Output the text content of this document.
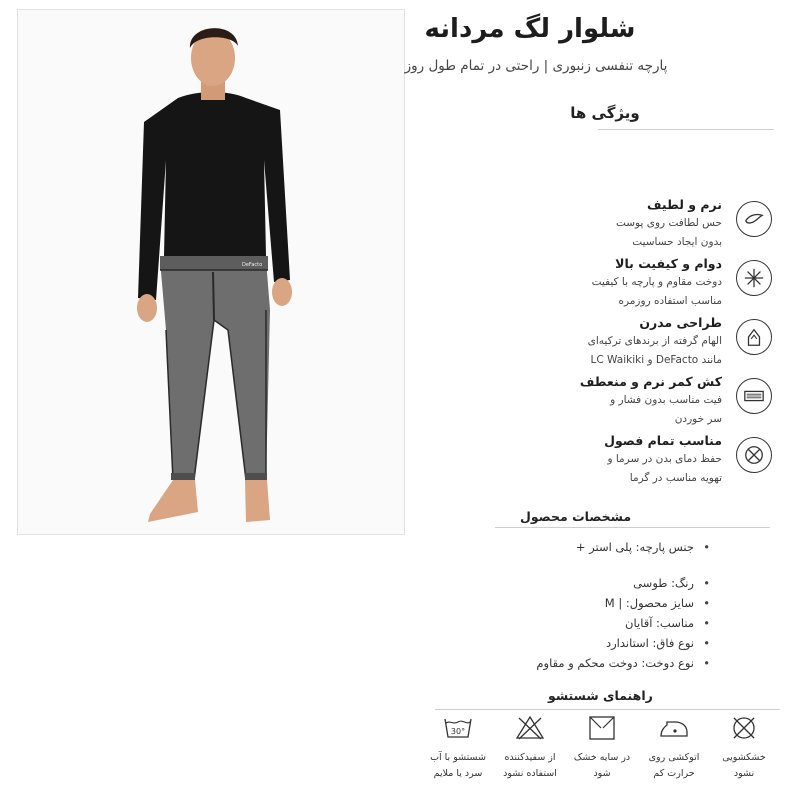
DeFacto
شلوار لگ مردانه
پارچه تنفسی زنبوری | راحتی در تمام طول روز
ویژگی ها
نرم و لطیف
حس لطافت روی پوست
بدون ایجاد حساسیت
دوام و کیفیت بالا
دوخت مقاوم و پارچه با کیفیت
مناسب استفاده روزمره
طراحی مدرن
الهام گرفته از برندهای ترکیه‌ای
مانند DeFacto و LC Waikiki
کش کمر نرم و منعطف
فیت مناسب بدون فشار و
سر خوردن
مناسب تمام فصول
حفظ دمای بدن در سرما و
تهویه مناسب در گرما
مشخصات محصول
• جنس پارچه: پلی استر +
• رنگ: طوسی
• سایز محصول: | M
• مناسب: آقایان
• نوع فاق: استاندارد
• نوع دوخت: دوخت محکم و مقاوم
راهنمای شستشو
30°
شستشو با آب
سرد یا ملایم
از سفیدکننده
استفاده نشود
در سایه خشک
شود
اتوکشی روی
حرارت کم
خشکشویی
نشود
